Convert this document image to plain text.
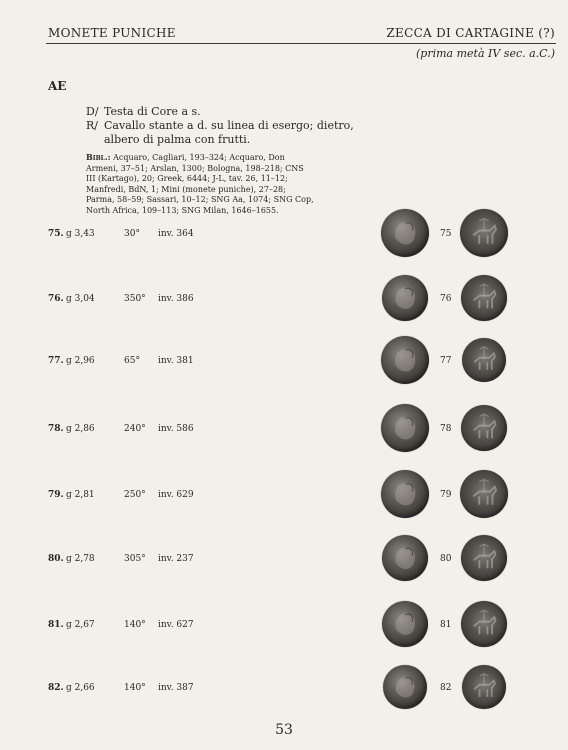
MONETE PUNICHE	ZECCA DI CARTAGINE (?)
(prima metà IV sec. a.C.)
AE
D/ Testa di Core a s.
R/ Cavallo stante a d. su linea di esergo; dietro, albero di palma con frutti.
Bibl.: Acquaro, Cagliari, 193–324; Acquaro, Don Armeni, 37–51; Arslan, 1300; Bologna, 198–218; CNS III (Kartago), 20; Greek, 6444; J-L, tav. 26, 11–12; Manfredi, BdN, 1; Mini (monete puniche), 27–28; Parma, 58–59; Sassari, 10–12; SNG Aa, 1074; SNG Cop, North Africa, 109–113; SNG Milan, 1646–1655.
75. g 3,43	30° inv. 364	75
76. g 3,04	350° inv. 386	76
77. g 2,96	65° inv. 381	77
78. g 2,86	240° inv. 586	78
79. g 2,81	250° inv. 629	79
80. g 2,78	305° inv. 237	80
81. g 2,67	140° inv. 627	81
82. g 2,66	140° inv. 387	82
53
